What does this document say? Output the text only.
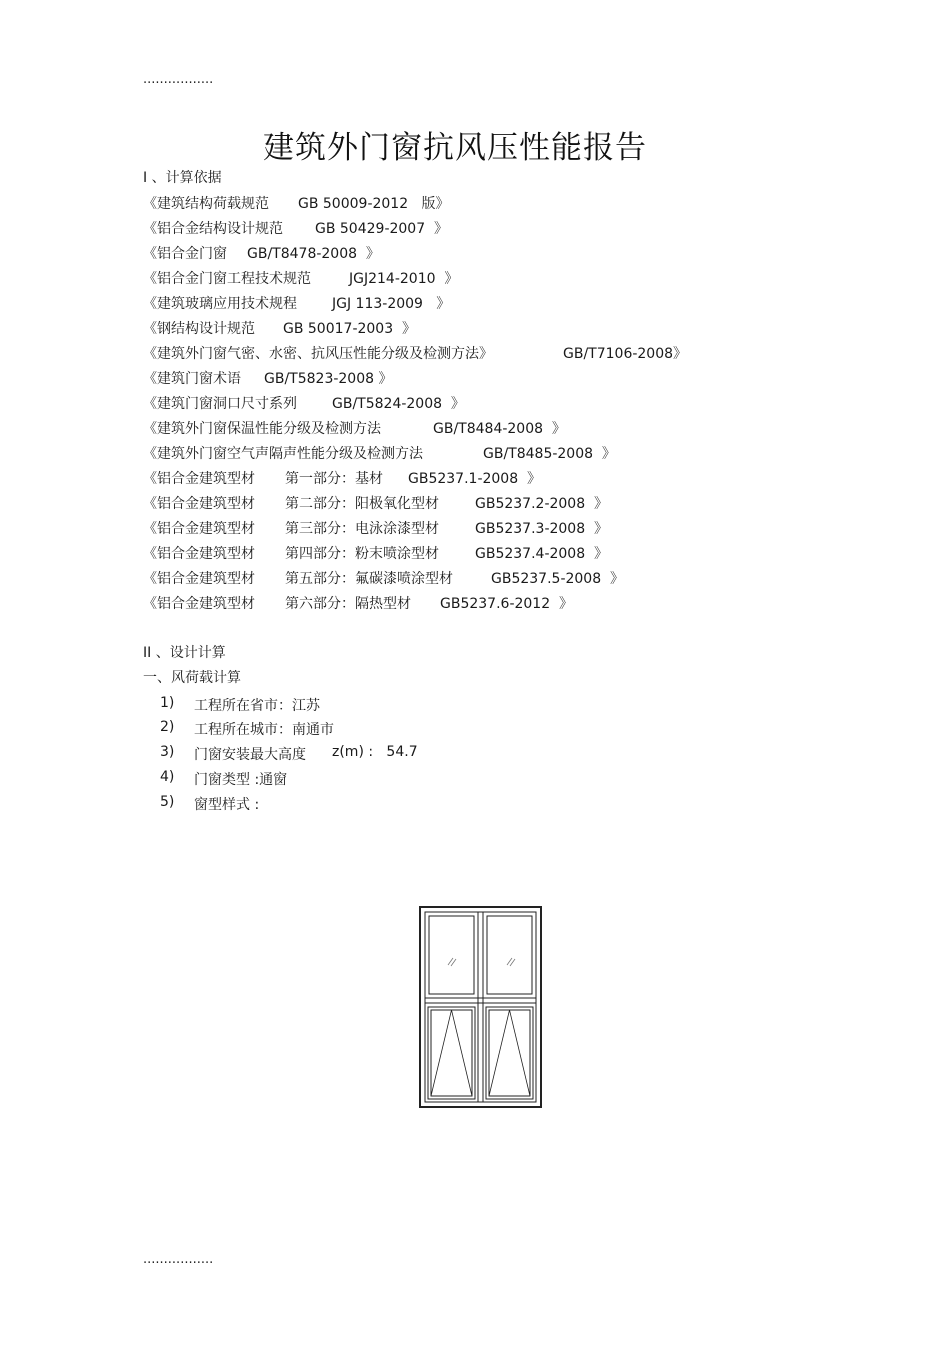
.................
建筑外门窗抗风压性能报告
I 、计算依据
《建筑结构荷载规范 GB 50009-2012   版》
《铝合金结构设计规范 GB 50429-2007  》
《铝合金门窗 GB/T8478-2008  》
《铝合金门窗工程技术规范	JGJ214-2010  》
《建筑玻璃应用技术规程	JGJ 113-2009   》
《钢结构设计规范 GB 50017-2003  》
《建筑外门窗气密、水密、抗风压性能分级及检测方法》	GB/T7106-2008》
《建筑门窗术语 GB/T5823-2008 》
《建筑门窗洞口尺寸系列	GB/T5824-2008  》
《建筑外门窗保温性能分级及检测方法	GB/T8484-2008  》
《建筑外门窗空气声隔声性能分级及检测方法	GB/T8485-2008  》
《铝合金建筑型材 第一部分：基材 GB5237.1-2008  》
《铝合金建筑型材 第二部分：阳极氧化型材	GB5237.2-2008  》
《铝合金建筑型材 第三部分：电泳涂漆型材	GB5237.3-2008  》
《铝合金建筑型材 第四部分：粉末喷涂型材	GB5237.4-2008  》
《铝合金建筑型材 第五部分：氟碳漆喷涂型材	GB5237.5-2008  》
《铝合金建筑型材 第六部分：隔热型材 GB5237.6-2012  》
II 、设计计算
一、风荷载计算
1) 工程所在省市：江苏
2) 工程所在城市：南通市
3) 门窗安装最大高度 z(m) :   54.7
4) 门窗类型 :通窗
5) 窗型样式 :
.................
